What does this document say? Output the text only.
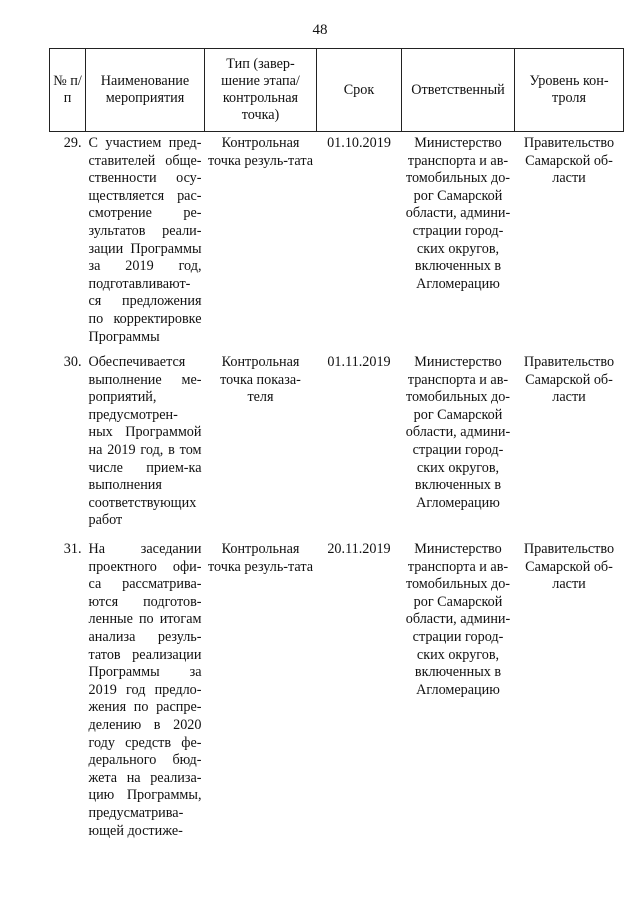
48
№ п/п	Наименование мероприятия	Тип (завер-шение этапа/ контрольная точка)	Срок	Ответственный	Уровень кон-троля
29.	С участием пред-ставителей обще-ственности осу-ществляется рас-смотрение ре-зультатов реали-зации Программы за 2019 год, подготавливают-ся предложения по корректировке Программы	Контрольная точка резуль-тата	01.10.2019	Министерство транспорта и ав-томобильных до-рог Самарской области, админи-страции город-ских округов, включенных в Агломерацию	Правительство Самарской об-ласти
30.	Обеспечивается выполнение ме-роприятий, предусмотрен-ных Программой на 2019 год, в том числе прием-ка выполнения соответствующих работ	Контрольная точка показа-теля	01.11.2019	Министерство транспорта и ав-томобильных до-рог Самарской области, админи-страции город-ских округов, включенных в Агломерацию	Правительство Самарской об-ласти
31.	На заседании проектного офи-са рассматрива-ются подготов-ленные по итогам анализа резуль-татов реализации Программы за 2019 год предло-жения по распре-делению в 2020 году средств фе-дерального бюд-жета на реализа-цию Программы, предусматрива-ющей достиже-	Контрольная точка резуль-тата	20.11.2019	Министерство транспорта и ав-томобильных до-рог Самарской области, админи-страции город-ских округов, включенных в Агломерацию	Правительство Самарской об-ласти
